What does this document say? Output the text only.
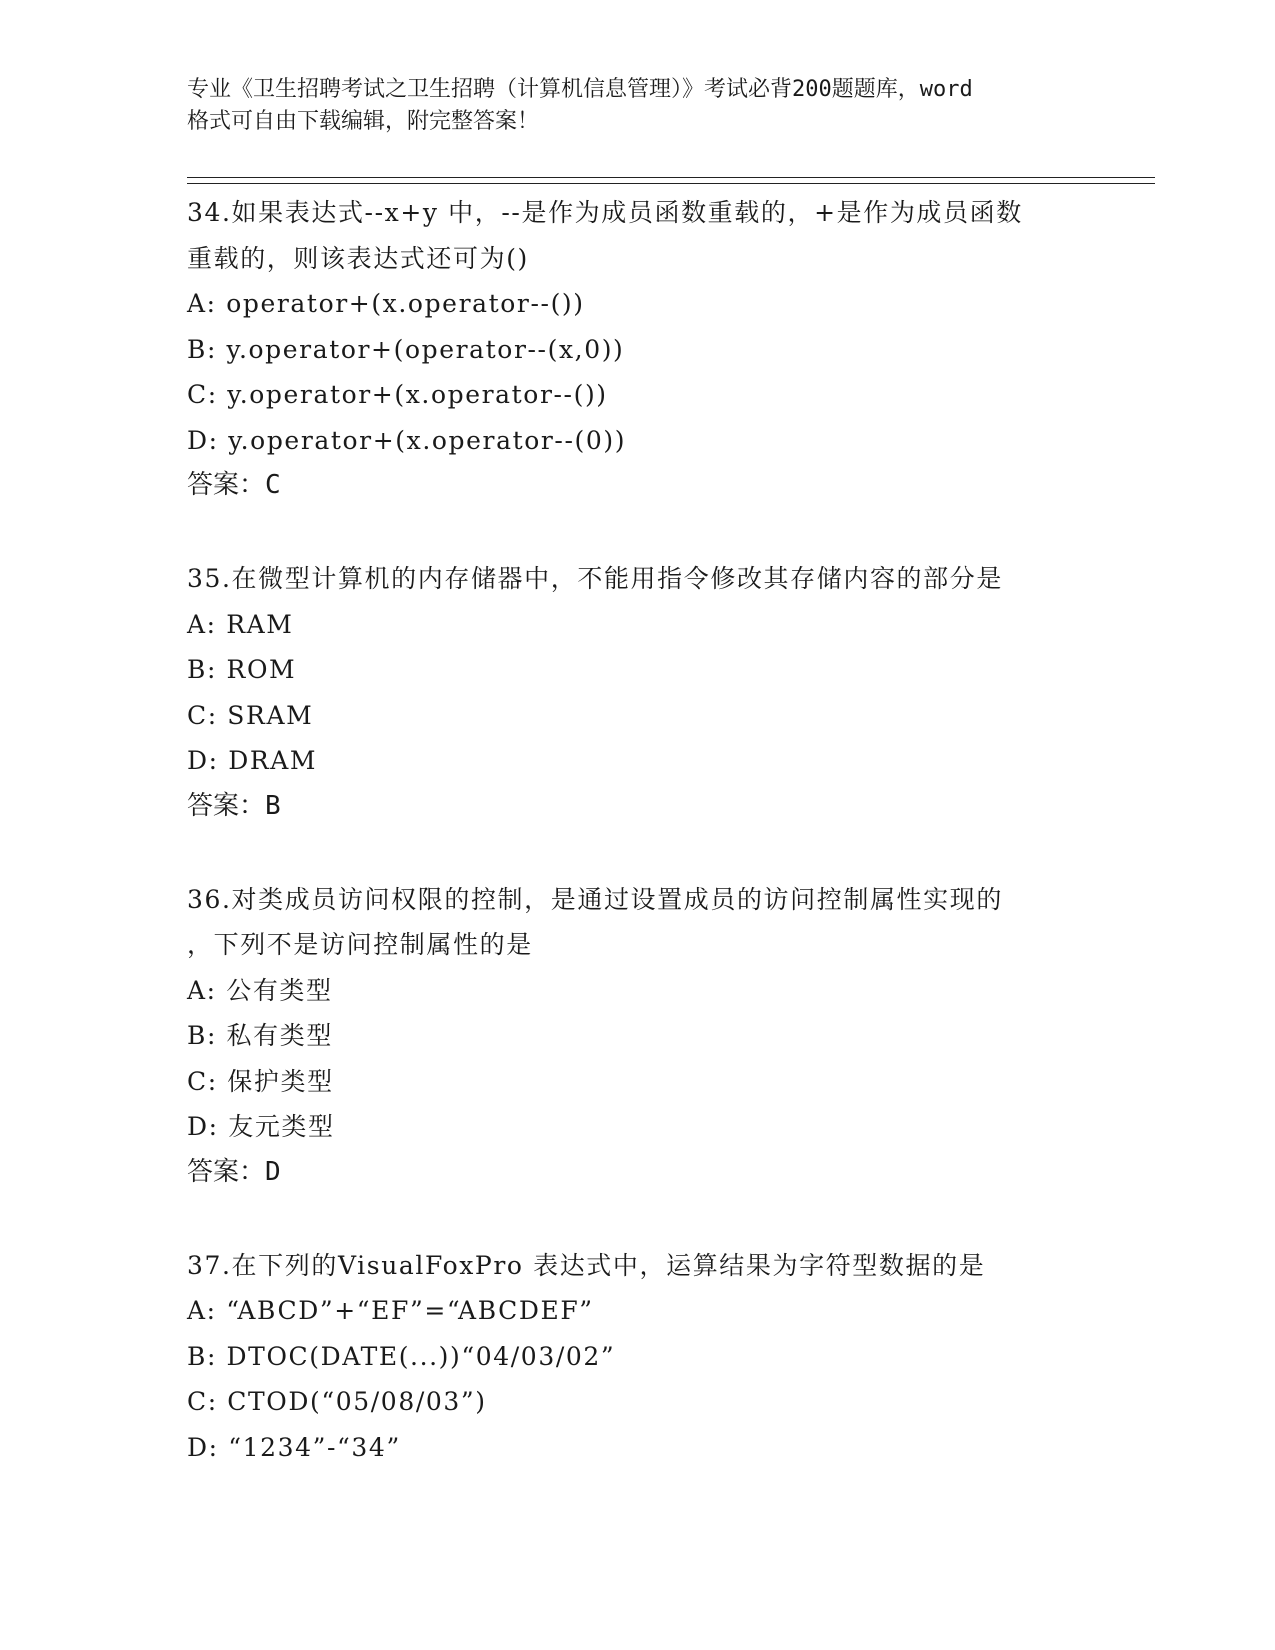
专业《卫生招聘考试之卫生招聘（计算机信息管理）》考试必背200题题库，word
格式可自由下载编辑，附完整答案！
34.如果表达式--x+y 中，--是作为成员函数重载的，+是作为成员函数
重载的，则该表达式还可为()
A: operator+(x.operator--())
B: y.operator+(operator--(x,0))
C: y.operator+(x.operator--())
D: y.operator+(x.operator--(0))
答案：C
35.在微型计算机的内存储器中，不能用指令修改其存储内容的部分是
A: RAM
B: ROM
C: SRAM
D: DRAM
答案：B
36.对类成员访问权限的控制，是通过设置成员的访问控制属性实现的
，下列不是访问控制属性的是
A: 公有类型
B: 私有类型
C: 保护类型
D: 友元类型
答案：D
37.在下列的VisualFoxPro 表达式中，运算结果为字符型数据的是
A: “ABCD”+“EF”=“ABCDEF”
B: DTOC(DATE(...))“04/03/02”
C: CTOD(“05/08/03”)
D: “1234”-“34”
